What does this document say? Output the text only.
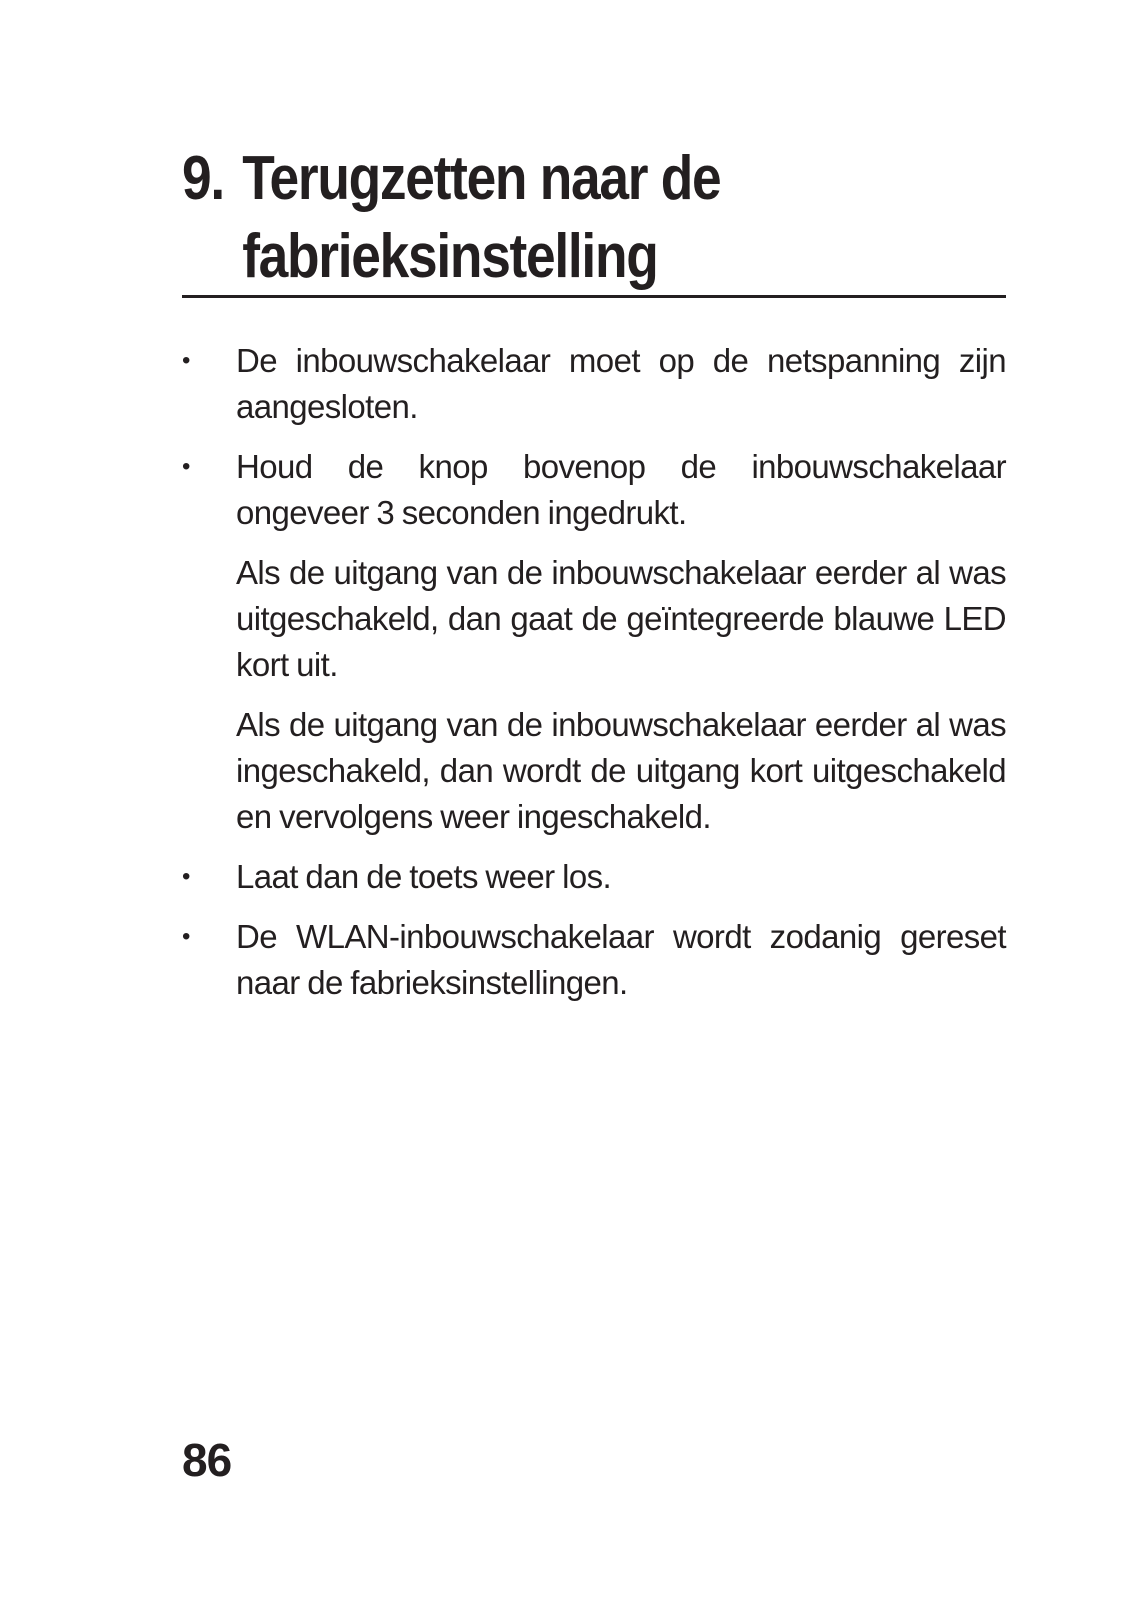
9. Terugzetten naar de
fabrieksinstelling
•	De inbouwschakelaar moet op de netspanning zijn aangesloten.
•	Houd de knop bovenop de inbouwschakelaar ongeveer 3 seconden ingedrukt.
Als de uitgang van de inbouwschakelaar eerder al was uitgeschakeld, dan gaat de geïntegreerde blauwe LED kort uit.
Als de uitgang van de inbouwschakelaar eerder al was ingeschakeld, dan wordt de uitgang kort uitgeschakeld en vervolgens weer ingeschakeld.
•	Laat dan de toets weer los.
•	De WLAN-inbouwschakelaar wordt zodanig gereset naar de fabrieksinstellingen.
86
